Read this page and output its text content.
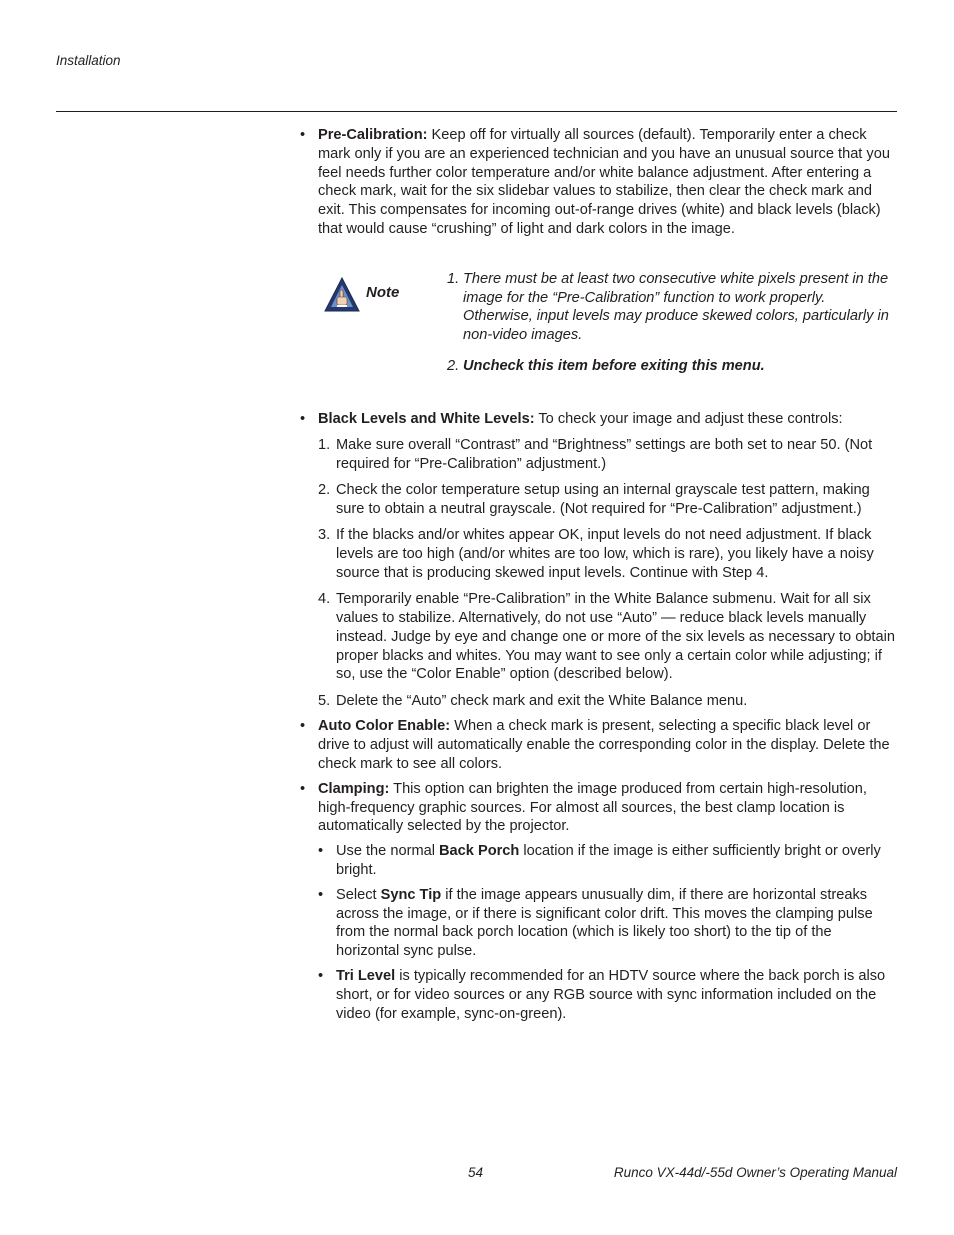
Installation
• Pre-Calibration: Keep off for virtually all sources (default). Temporarily enter a check mark only if you are an experienced technician and you have an unusual source that you feel needs further color temperature and/or white balance adjustment. After entering a check mark, wait for the six slidebar values to stabilize, then clear the check mark and exit. This compensates for incoming out-of-range drives (white) and black levels (black) that would cause “crushing” of light and dark colors in the image.
Note
1. There must be at least two consecutive white pixels present in the image for the “Pre-Calibration” function to work properly. Otherwise, input levels may produce skewed colors, particularly in non-video images.
2. Uncheck this item before exiting this menu.
• Black Levels and White Levels: To check your image and adjust these controls:
1. Make sure overall “Contrast” and “Brightness” settings are both set to near 50. (Not required for “Pre-Calibration” adjustment.)
2. Check the color temperature setup using an internal grayscale test pattern, making sure to obtain a neutral grayscale. (Not required for “Pre-Calibration” adjustment.)
3. If the blacks and/or whites appear OK, input levels do not need adjustment. If black levels are too high (and/or whites are too low, which is rare), you likely have a noisy source that is producing skewed input levels. Continue with Step 4.
4. Temporarily enable “Pre-Calibration” in the White Balance submenu. Wait for all six values to stabilize. Alternatively, do not use “Auto” — reduce black levels manually instead. Judge by eye and change one or more of the six levels as necessary to obtain proper blacks and whites. You may want to see only a certain color while adjusting; if so, use the “Color Enable” option (described below).
5. Delete the “Auto” check mark and exit the White Balance menu.
• Auto Color Enable: When a check mark is present, selecting a specific black level or drive to adjust will automatically enable the corresponding color in the display. Delete the check mark to see all colors.
• Clamping: This option can brighten the image produced from certain high-resolution, high-frequency graphic sources. For almost all sources, the best clamp location is automatically selected by the projector.
• Use the normal Back Porch location if the image is either sufficiently bright or overly bright.
• Select Sync Tip if the image appears unusually dim, if there are horizontal streaks across the image, or if there is significant color drift. This moves the clamping pulse from the normal back porch location (which is likely too short) to the tip of the horizontal sync pulse.
• Tri Level is typically recommended for an HDTV source where the back porch is also short, or for video sources or any RGB source with sync information included on the video (for example, sync-on-green).
54	Runco VX-44d/-55d Owner’s Operating Manual
